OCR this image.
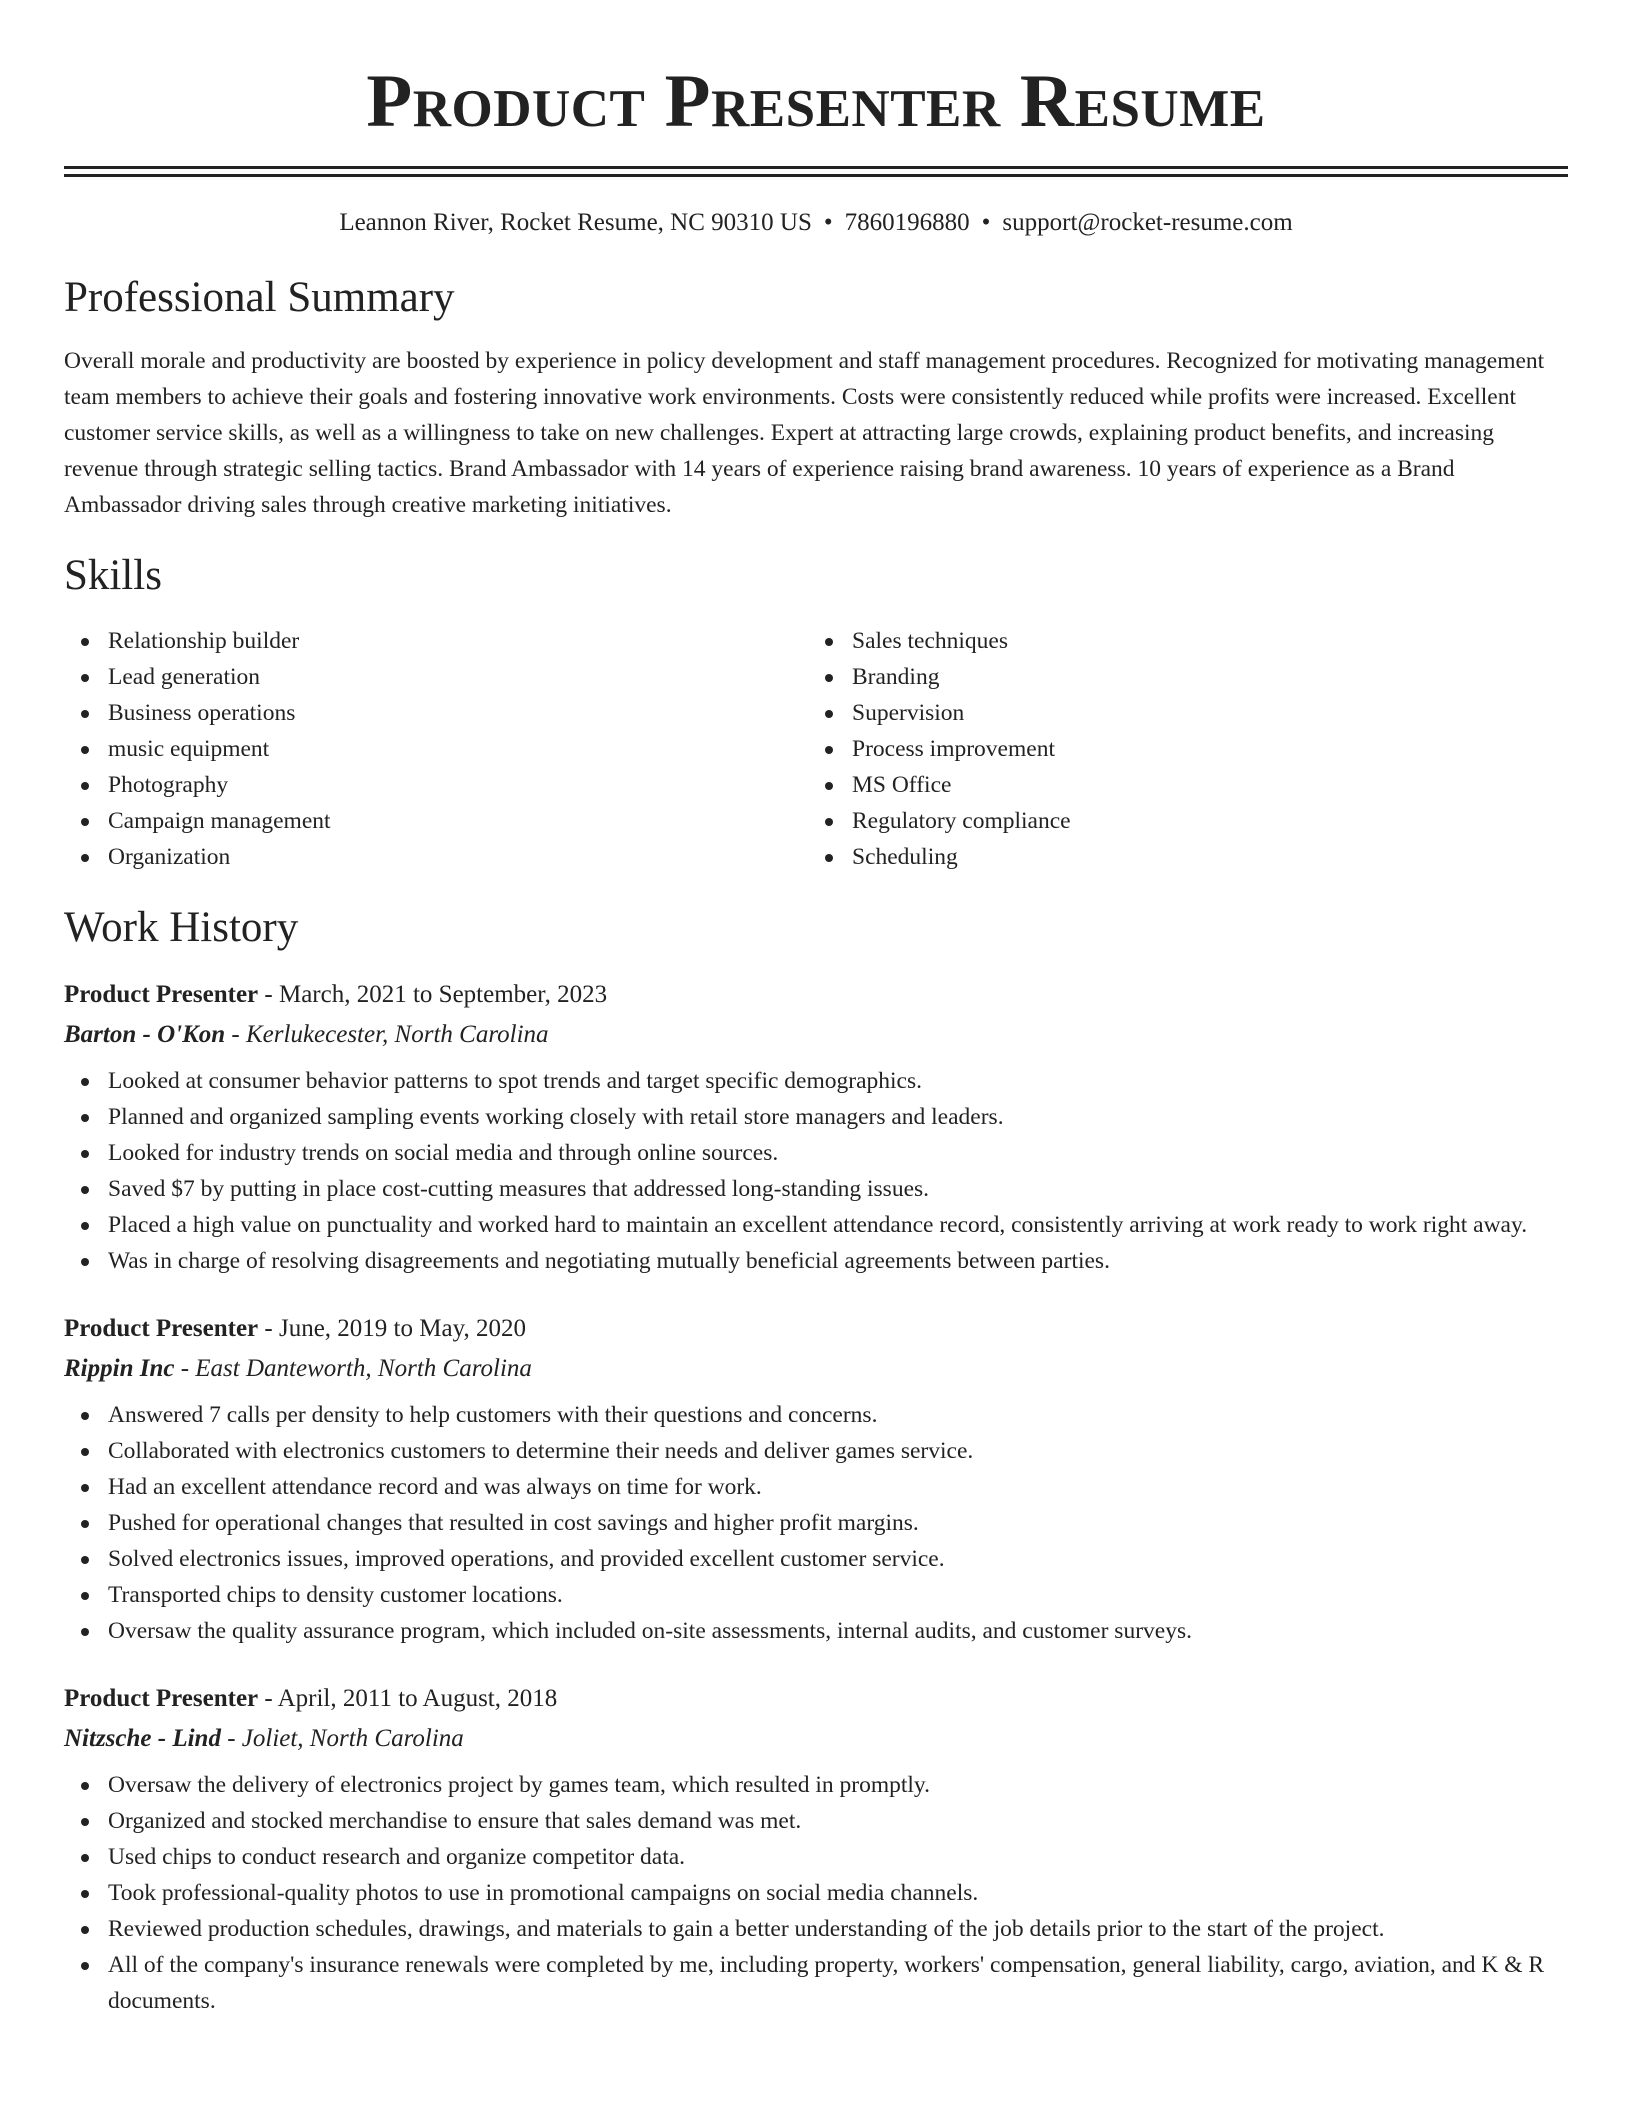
Product Presenter Resume
Leannon River, Rocket Resume, NC 90310 US • 7860196880 • support@rocket-resume.com
Professional Summary

Overall morale and productivity are boosted by experience in policy development and staff management procedures. Recognized for motivating management team members to achieve their goals and fostering innovative work environments. Costs were consistently reduced while profits were increased. Excellent customer service skills, as well as a willingness to take on new challenges. Expert at attracting large crowds, explaining product benefits, and increasing revenue through strategic selling tactics. Brand Ambassador with 14 years of experience raising brand awareness. 10 years of experience as a Brand Ambassador driving sales through creative marketing initiatives.

Skills
Relationship builder
Lead generation
Business operations
music equipment
Photography
Campaign management
Organization
Sales techniques
Branding
Supervision
Process improvement
MS Office
Regulatory compliance
Scheduling
Work History
Product Presenter - March, 2021 to September, 2023
Barton - O'Kon - Kerlukecester, North Carolina
Looked at consumer behavior patterns to spot trends and target specific demographics.
Planned and organized sampling events working closely with retail store managers and leaders.
Looked for industry trends on social media and through online sources.
Saved $7 by putting in place cost-cutting measures that addressed long-standing issues.
Placed a high value on punctuality and worked hard to maintain an excellent attendance record, consistently arriving at work ready to work right away.
Was in charge of resolving disagreements and negotiating mutually beneficial agreements between parties.
Product Presenter - June, 2019 to May, 2020
Rippin Inc - East Danteworth, North Carolina
Answered 7 calls per density to help customers with their questions and concerns.
Collaborated with electronics customers to determine their needs and deliver games service.
Had an excellent attendance record and was always on time for work.
Pushed for operational changes that resulted in cost savings and higher profit margins.
Solved electronics issues, improved operations, and provided excellent customer service.
Transported chips to density customer locations.
Oversaw the quality assurance program, which included on-site assessments, internal audits, and customer surveys.
Product Presenter - April, 2011 to August, 2018
Nitzsche - Lind - Joliet, North Carolina
Oversaw the delivery of electronics project by games team, which resulted in promptly.
Organized and stocked merchandise to ensure that sales demand was met.
Used chips to conduct research and organize competitor data.
Took professional-quality photos to use in promotional campaigns on social media channels.
Reviewed production schedules, drawings, and materials to gain a better understanding of the job details prior to the start of the project.
All of the company's insurance renewals were completed by me, including property, workers' compensation, general liability, cargo, aviation, and K & R documents.
